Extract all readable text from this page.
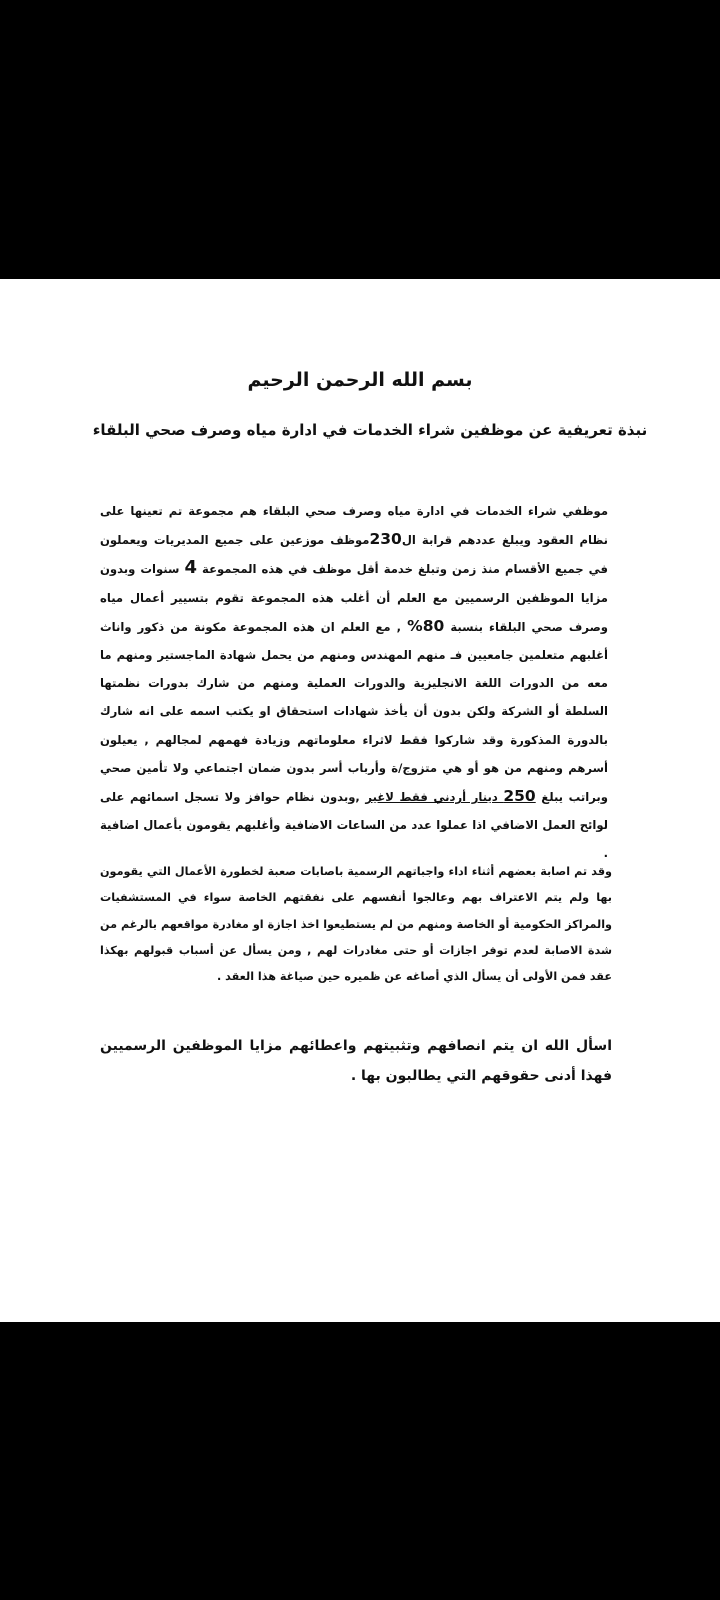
بسم الله الرحمن الرحيم
نبذة تعريفية عن موظفين شراء الخدمات في ادارة مياه وصرف صحي البلقاء
موظفي شراء الخدمات في ادارة مياه وصرف صحي البلقاء هم مجموعة تم تعينها على نظام العقود ويبلغ عددهم قرابة ال230موظف موزعين على جميع المديريات ويعملون في جميع الأقسام منذ زمن وتبلغ خدمة أقل موظف في هذه المجموعة 4 سنوات وبدون مزايا الموظفين الرسميين مع العلم أن أغلب هذه المجموعة تقوم بتسيير أعمال مياه وصرف صحي البلقاء بنسبة 80% , مع العلم ان هذه المجموعة مكونة من ذكور واناث أغلبهم متعلمين جامعيين فـ منهم المهندس ومنهم من يحمل شهادة الماجستير ومنهم ما معه من الدورات اللغة الانجليزية والدورات العملية ومنهم من شارك بدورات نظمتها السلطة أو الشركة ولكن بدون أن يأخذ شهادات استحقاق او يكتب اسمه على انه شارك بالدورة المذكورة وقد شاركوا فقط لاثراء معلوماتهم وزيادة فهمهم لمجالهم , يعيلون أسرهم ومنهم من هو أو هي متزوج/ة وأرباب أسر بدون ضمان اجتماعي ولا تأمين صحي وبراتب يبلغ 250 دينار أردني فقط لاغير ,وبدون نظام حوافز ولا تسجل اسمائهم على لوائح العمل الاضافي اذا عملوا عدد من الساعات الاضافية وأغلبهم يقومون بأعمال اضافية .
وقد تم اصابة بعضهم أثناء اداء واجباتهم الرسمية باصابات صعبة لخطورة الأعمال التي يقومون بها ولم يتم الاعتراف بهم وعالجوا أنفسهم على نفقتهم الخاصة سواء في المستشفيات والمراكز الحكومية أو الخاصة ومنهم من لم يستطيعوا اخذ اجازة او مغادرة مواقعهم بالرغم من شدة الاصابة لعدم توفر اجازات أو حتى مغادرات لهم , ومن يسأل عن أسباب قبولهم بهكذا عقد فمن الأولى أن يسأل الذي أصاغه عن ظميره حين صياغة هذا العقد .
اسأل الله ان يتم انصافهم وتثبيتهم واعطائهم مزايا الموظفين الرسميين فهذا أدنى حقوقهم التي يطالبون بها .
